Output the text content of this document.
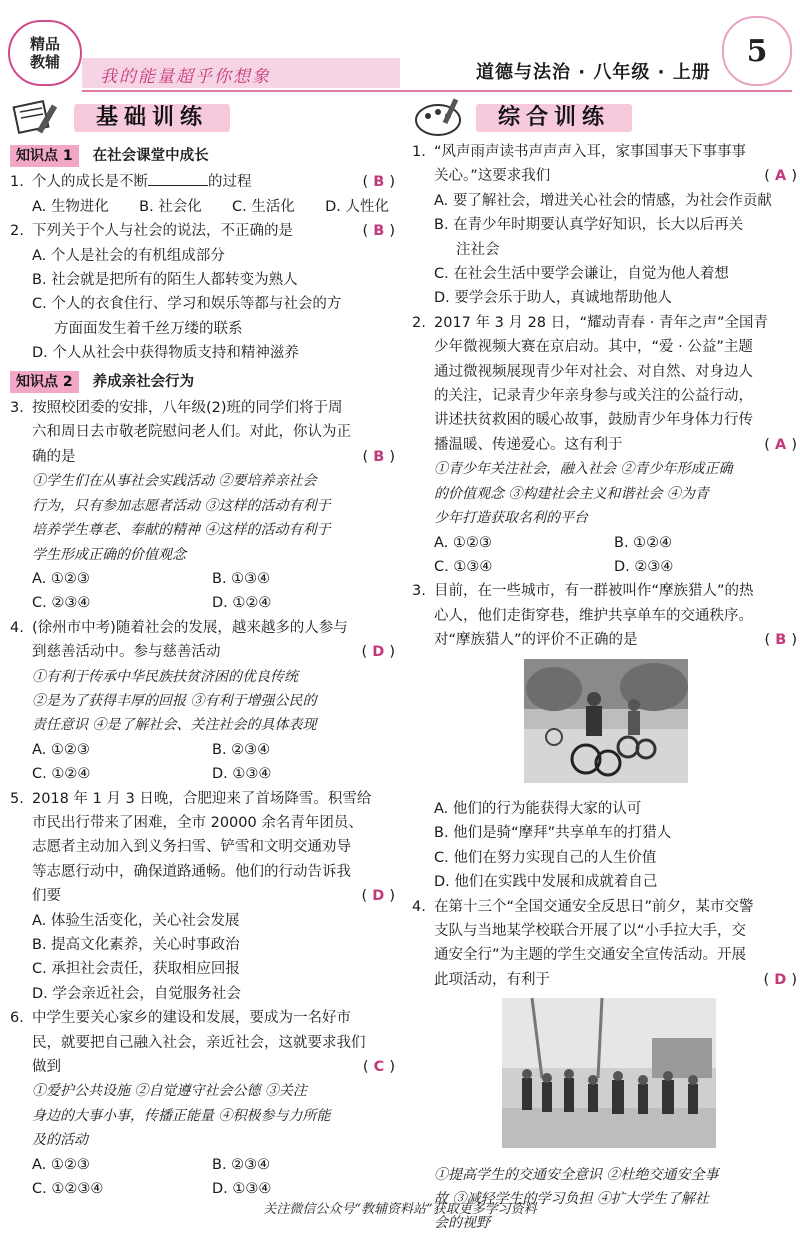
精品
教辅
我的能量超乎你想象	道德与法治 · 八年级 · 上册
5
基础训练
知识点 1	在社会课堂中成长
1.	( B )
个人的成长是不断	的过程
A. 生物进化 B. 社会化 C. 生活化 D. 人性化
2.	( B )
下列关于个人与社会的说法，不正确的是
A. 个人是社会的有机组成部分
B. 社会就是把所有的陌生人都转变为熟人
C. 个人的衣食住行、学习和娱乐等都与社会的方
方面面发生着千丝万缕的联系
D. 个人从社会中获得物质支持和精神滋养
知识点 2	养成亲社会行为
3. 按照校团委的安排，八年级(2)班的同学们将于周
六和周日去市敬老院慰问老人们。对此，你认为正
( B )
确的是
①学生们在从事社会实践活动 ②要培养亲社会
行为，只有参加志愿者活动 ③这样的活动有利于
培养学生尊老、奉献的精神 ④这样的活动有利于
学生形成正确的价值观念
A. ①②③	B. ①③④
C. ②③④	D. ①②④
4. (徐州市中考)随着社会的发展，越来越多的人参与
( D )
到慈善活动中。参与慈善活动
①有利于传承中华民族扶贫济困的优良传统
②是为了获得丰厚的回报 ③有利于增强公民的
责任意识 ④是了解社会、关注社会的具体表现
A. ①②③	B. ②③④
C. ①②④	D. ①③④
5. 2018 年 1 月 3 日晚，合肥迎来了首场降雪。积雪给
市民出行带来了困难，全市 20000 余名青年团员、
志愿者主动加入到义务扫雪、铲雪和文明交通劝导
等志愿行动中，确保道路通畅。他们的行动告诉我
( D )
们要
A. 体验生活变化，关心社会发展
B. 提高文化素养，关心时事政治
C. 承担社会责任，获取相应回报
D. 学会亲近社会，自觉服务社会
6. 中学生要关心家乡的建设和发展，要成为一名好市
民，就要把自己融入社会，亲近社会，这就要求我们
( C )
做到
①爱护公共设施 ②自觉遵守社会公德 ③关注
身边的大事小事，传播正能量 ④积极参与力所能
及的活动
A. ①②③	B. ②③④
C. ①②③④	D. ①③④
综合训练
1. “风声雨声读书声声声入耳，家事国事天下事事事
( A )
关心。”这要求我们
A. 要了解社会，增进关心社会的情感，为社会作贡献
B. 在青少年时期要认真学好知识，长大以后再关
注社会
C. 在社会生活中要学会谦让，自觉为他人着想
D. 要学会乐于助人，真诚地帮助他人
2. 2017 年 3 月 28 日，“耀动青春 · 青年之声”全国青
少年微视频大赛在京启动。其中，“爱 · 公益”主题
通过微视频展现青少年对社会、对自然、对身边人
的关注，记录青少年亲身参与或关注的公益行动，
讲述扶贫救困的暖心故事，鼓励青少年身体力行传
( A )
播温暖、传递爱心。这有利于
①青少年关注社会，融入社会 ②青少年形成正确
的价值观念 ③构建社会主义和谐社会 ④为青
少年打造获取名利的平台
A. ①②③	B. ①②④
C. ①③④	D. ②③④
3. 目前，在一些城市，有一群被叫作“摩族猎人”的热
心人，他们走街穿巷，维护共享单车的交通秩序。
( B )
对“摩族猎人”的评价不正确的是
A. 他们的行为能获得大家的认可
B. 他们是骑“摩拜”共享单车的打猎人
C. 他们在努力实现自己的人生价值
D. 他们在实践中发展和成就着自己
4. 在第十三个“全国交通安全反思日”前夕，某市交警
支队与当地某学校联合开展了以“小手拉大手，交
通安全行”为主题的学生交通安全宣传活动。开展
( D )
此项活动，有利于
①提高学生的交通安全意识 ②杜绝交通安全事
故 ③减轻学生的学习负担 ④扩大学生了解社
会的视野
关注微信公众号“教辅资料站”获取更多学习资料
